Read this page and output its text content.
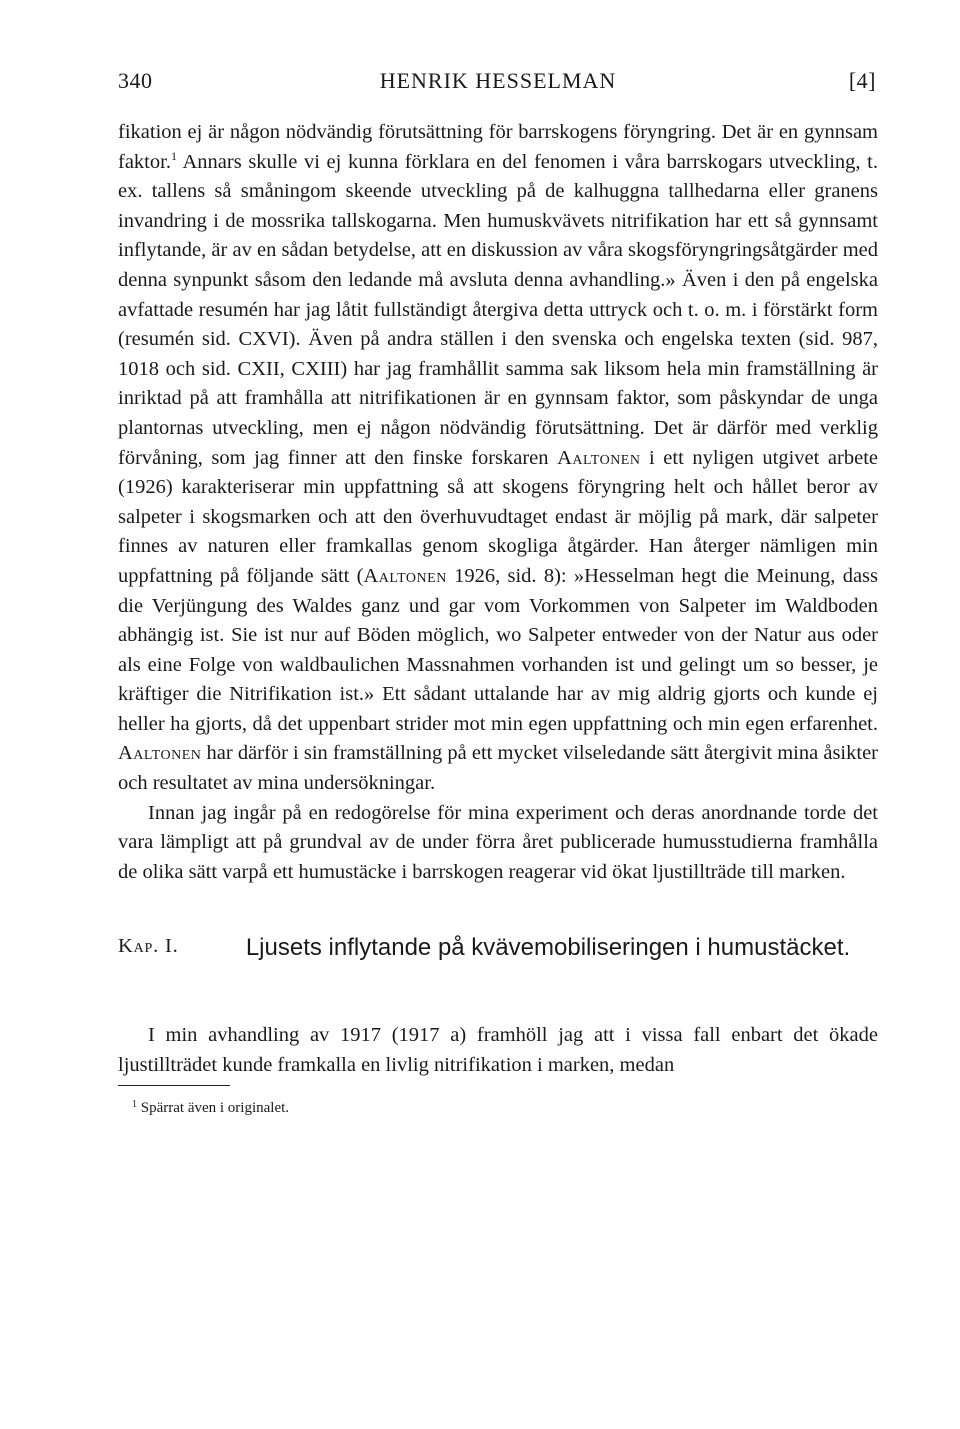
340	HENRIK HESSELMAN	[4]

fikation ej är någon nödvändig förutsättning för barrskogens föryngring. Det är en gynnsam faktor.$^1$ Annars skulle vi ej kunna förklara en del fenomen i våra barrskogars utveckling, t. ex. tallens så småningom skeende utveckling på de kalhuggna tallhedarna eller granens invandring i de mossrika tallskogarna. Men humuskvävets nitrifikation har ett så gynnsamt inflytande, är av en sådan betydelse, att en diskussion av våra skogsföryngringsåtgärder med denna synpunkt såsom den ledande må avsluta denna avhandling.» Även i den på engelska avfattade resumén har jag låtit fullständigt återgiva detta uttryck och t. o. m. i förstärkt form (resumén sid. CXVI). Även på andra ställen i den svenska och engelska texten (sid. 987, 1018 och sid. CXII, CXIII) har jag framhållit samma sak liksom hela min framställning är inriktad på att framhålla att nitrifikationen är en gynnsam faktor, som påskyndar de unga plantornas utveckling, men ej någon nödvändig förutsättning. Det är därför med verklig förvåning, som jag finner att den finske forskaren Aaltonen i ett nyligen utgivet arbete (1926) karakteriserar min uppfattning så att skogens föryngring helt och hållet beror av salpeter i skogsmarken och att den överhuvudtaget endast är möjlig på mark, där salpeter finnes av naturen eller framkallas genom skogliga åtgärder. Han återger nämligen min uppfattning på följande sätt (Aaltonen 1926, sid. 8): »Hesselman hegt die Meinung, dass die Verjüngung des Waldes ganz und gar vom Vorkommen von Salpeter im Waldboden abhängig ist. Sie ist nur auf Böden möglich, wo Salpeter entweder von der Natur aus oder als eine Folge von waldbaulichen Massnahmen vorhanden ist und gelingt um so besser, je kräftiger die Nitrifikation ist.» Ett sådant uttalande har av mig aldrig gjorts och kunde ej heller ha gjorts, då det uppenbart strider mot min egen uppfattning och min egen erfarenhet. Aaltonen har därför i sin framställning på ett mycket vilseledande sätt återgivit mina åsikter och resultatet av mina undersökningar.

Innan jag ingår på en redogörelse för mina experiment och deras anordnande torde det vara lämpligt att på grundval av de under förra året publicerade humusstudierna framhålla de olika sätt varpå ett humustäcke i barrskogen reagerar vid ökat ljustillträde till marken.

Kap. I.	Ljusets inflytande på kvävemobiliseringen i humustäcket.

I min avhandling av 1917 (1917 a) framhöll jag att i vissa fall enbart det ökade ljustillträdet kunde framkalla en livlig nitrifikation i marken, medan

$^1$ Spärrat även i originalet.
